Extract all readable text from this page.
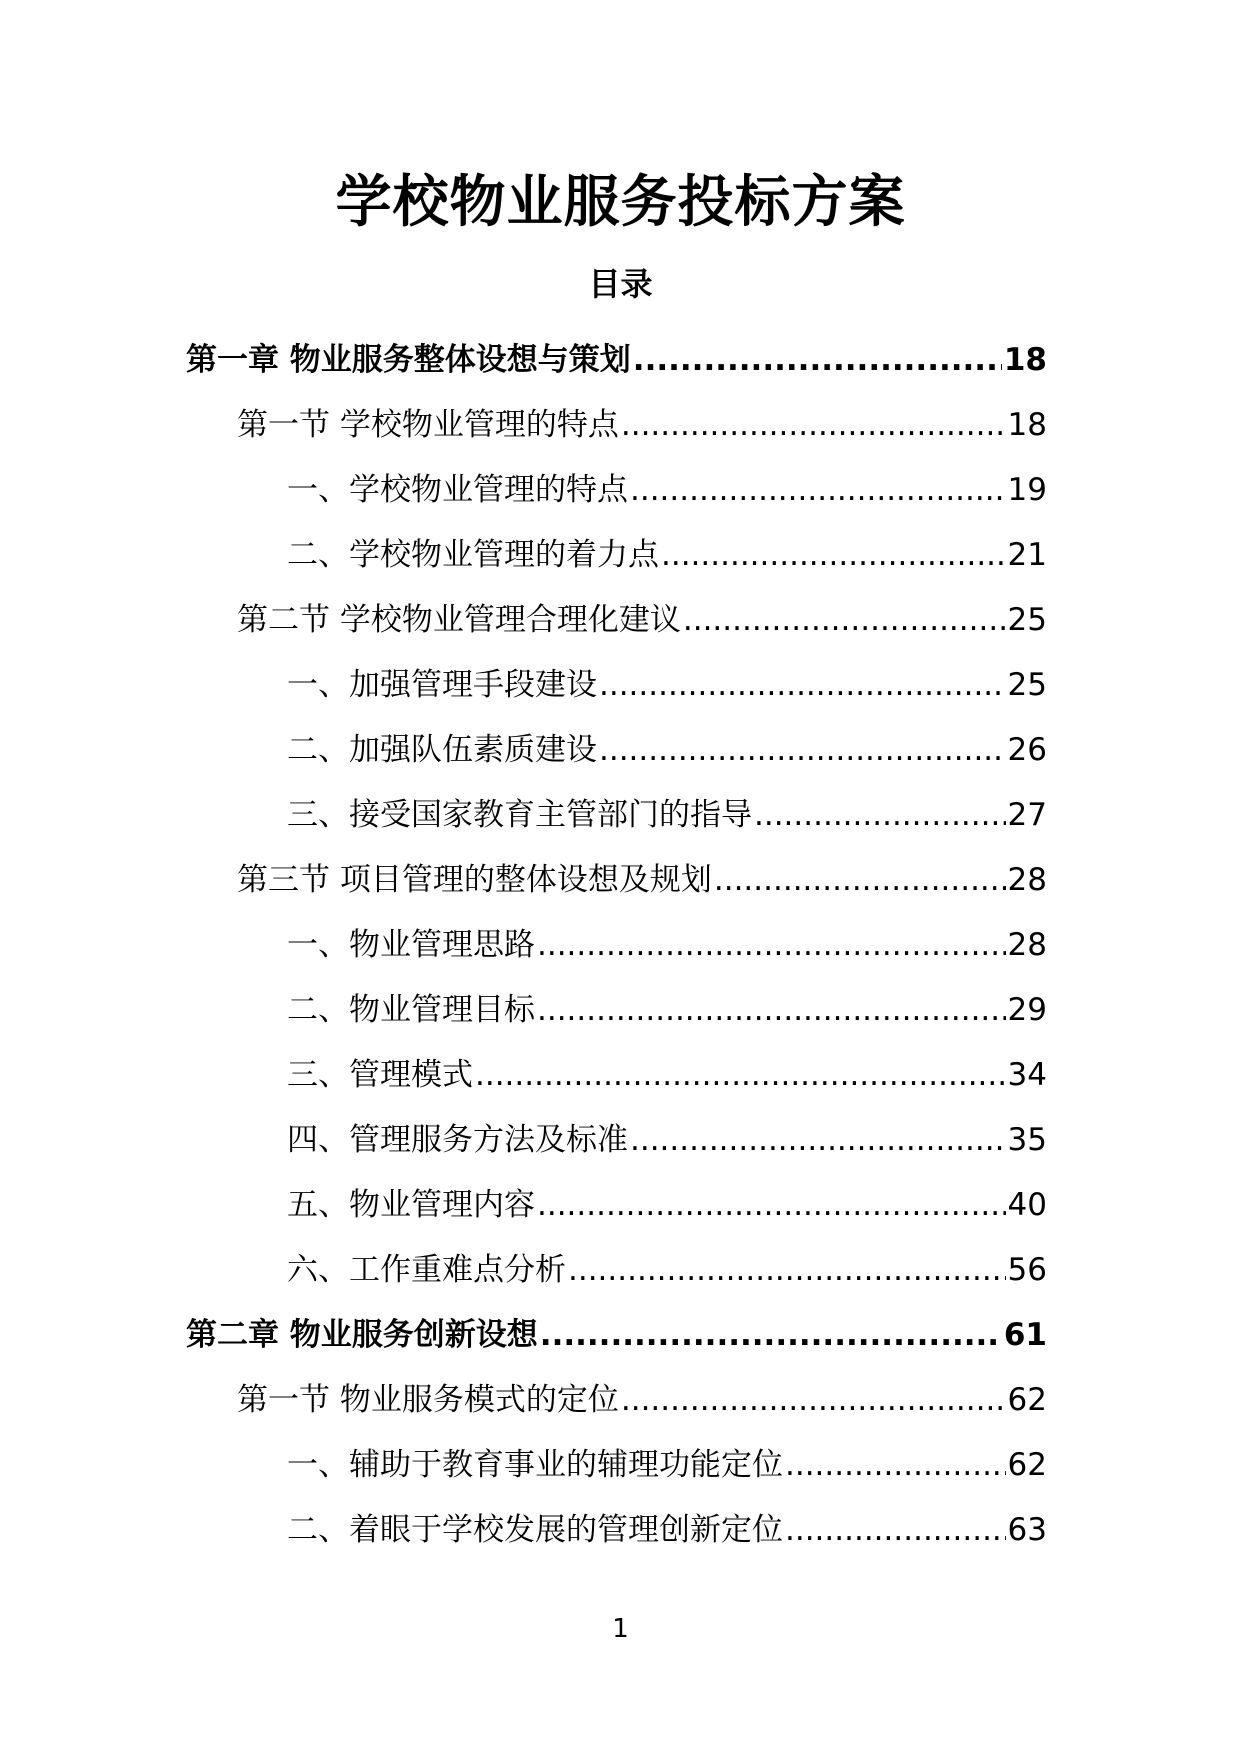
学校物业服务投标方案
目录
第一章 物业服务整体设想与策划 .....	18
第一节 学校物业管理的特点 .....	18
一、学校物业管理的特点 .....	19
二、学校物业管理的着力点 .....	21
第二节 学校物业管理合理化建议 .....	25
一、加强管理手段建设 .....	25
二、加强队伍素质建设 .....	26
三、接受国家教育主管部门的指导 .....	27
第三节 项目管理的整体设想及规划 .....	28
一、物业管理思路 .....	28
二、物业管理目标 .....	29
三、管理模式 .....	34
四、管理服务方法及标准 .....	35
五、物业管理内容 .....	40
六、工作重难点分析 .....	56
第二章 物业服务创新设想 .....	61
第一节 物业服务模式的定位 .....	62
一、辅助于教育事业的辅理功能定位 .....	62
二、着眼于学校发展的管理创新定位 .....	63
1
